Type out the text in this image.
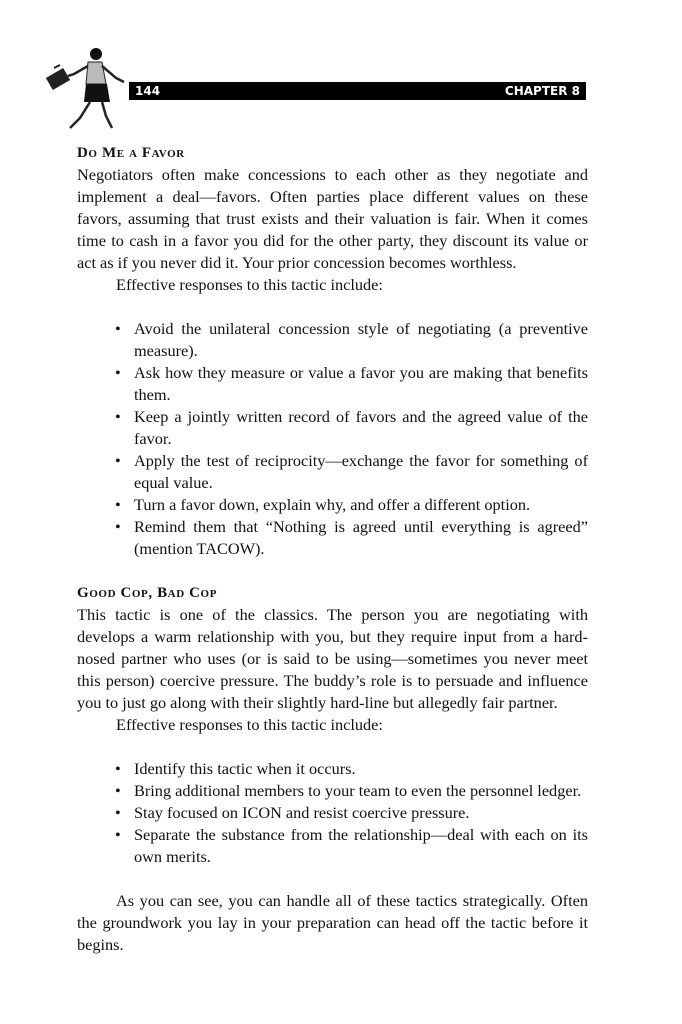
144	CHAPTER 8
Do Me a Favor

Negotiators often make concessions to each other as they negotiate and implement a deal—favors. Often parties place different values on these favors, assuming that trust exists and their valuation is fair. When it comes time to cash in a favor you did for the other party, they discount its value or act as if you never did it. Your prior concession becomes worthless.

Effective responses to this tactic include:

• Avoid the unilateral concession style of negotiating (a preventive measure).
• Ask how they measure or value a favor you are making that benefits them.
• Keep a jointly written record of favors and the agreed value of the favor.
• Apply the test of reciprocity—exchange the favor for something of equal value.
• Turn a favor down, explain why, and offer a different option.
• Remind them that “Nothing is agreed until everything is agreed” (mention TACOW).
Good Cop, Bad Cop

This tactic is one of the classics. The person you are negotiating with develops a warm relationship with you, but they require input from a hard-nosed partner who uses (or is said to be using—sometimes you never meet this person) coercive pressure. The buddy’s role is to persuade and influence you to just go along with their slightly hard-line but allegedly fair partner.

Effective responses to this tactic include:

• Identify this tactic when it occurs.
• Bring additional members to your team to even the personnel ledger.
• Stay focused on ICON and resist coercive pressure.
• Separate the substance from the relationship—deal with each on its own merits.

As you can see, you can handle all of these tactics strategically. Often the groundwork you lay in your preparation can head off the tactic before it begins.
